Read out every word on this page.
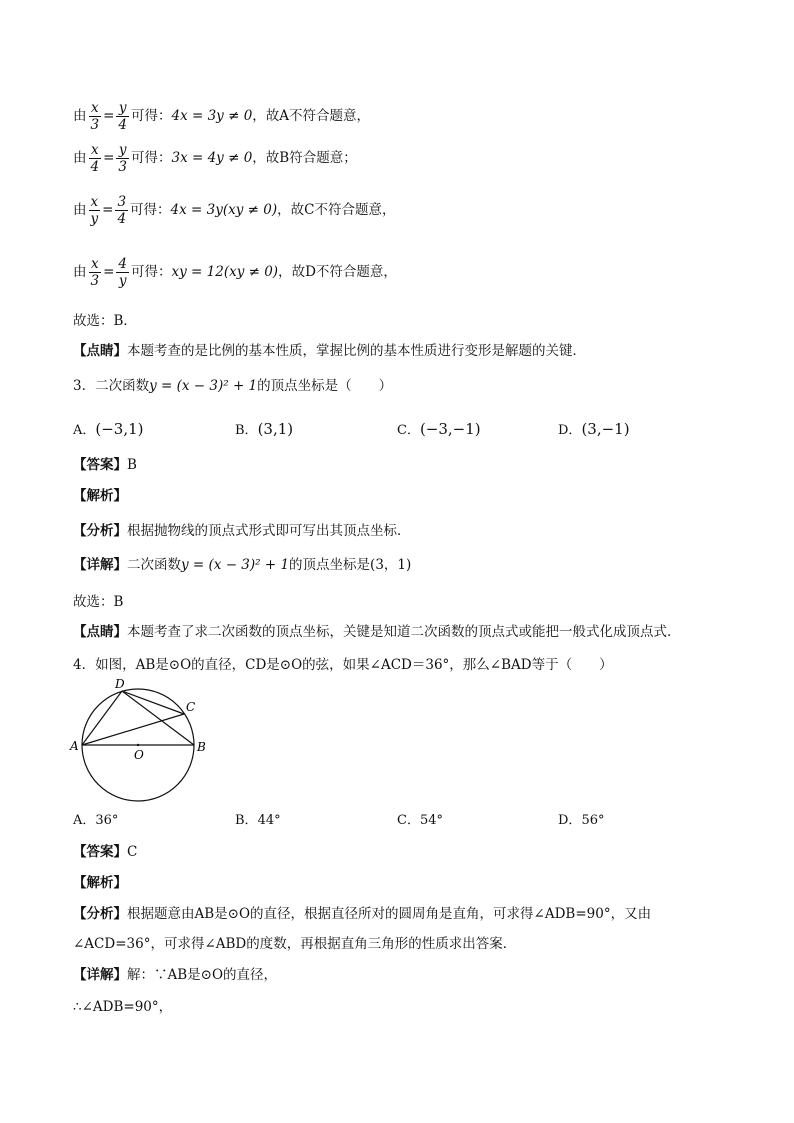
由 $\frac{x}{3} = \frac{y}{4}$ 可得：4x = 3y ≠ 0，故A不符合题意，
由 $\frac{x}{4} = \frac{y}{3}$ 可得：3x = 4y ≠ 0，故B符合题意；
由 $\frac{x}{y} = \frac{3}{4}$ 可得：4x = 3y(xy ≠ 0)，故C不符合题意，
由 $\frac{x}{3} = \frac{4}{y}$ 可得：xy = 12(xy ≠ 0)，故D不符合题意，
故选：B．
【点睛】本题考查的是比例的基本性质，掌握比例的基本性质进行变形是解题的关键．
3．二次函数y = (x − 3)² + 1的顶点坐标是（　　）
A．(−3,1)	B．(3,1)	C．(−3,−1)	D．(3,−1)
【答案】B
【解析】
【分析】根据抛物线的顶点式形式即可写出其顶点坐标．
【详解】二次函数y = (x − 3)² + 1的顶点坐标是(3，1)
故选：B
【点睛】本题考查了求二次函数的顶点坐标，关键是知道二次函数的顶点式或能把一般式化成顶点式．
4．如图，AB是⊙O的直径，CD是⊙O的弦，如果∠ACD＝36°，那么∠BAD等于（　　）
A	B
C
D
O
A．36°	B．44°	C．54°	D．56°
【答案】C
【解析】
【分析】根据题意由AB是⊙O的直径，根据直径所对的圆周角是直角，可求得∠ADB=90°，又由
∠ACD=36°，可求得∠ABD的度数，再根据直角三角形的性质求出答案．
【详解】解：∵AB是⊙O的直径，
∴∠ADB=90°，
